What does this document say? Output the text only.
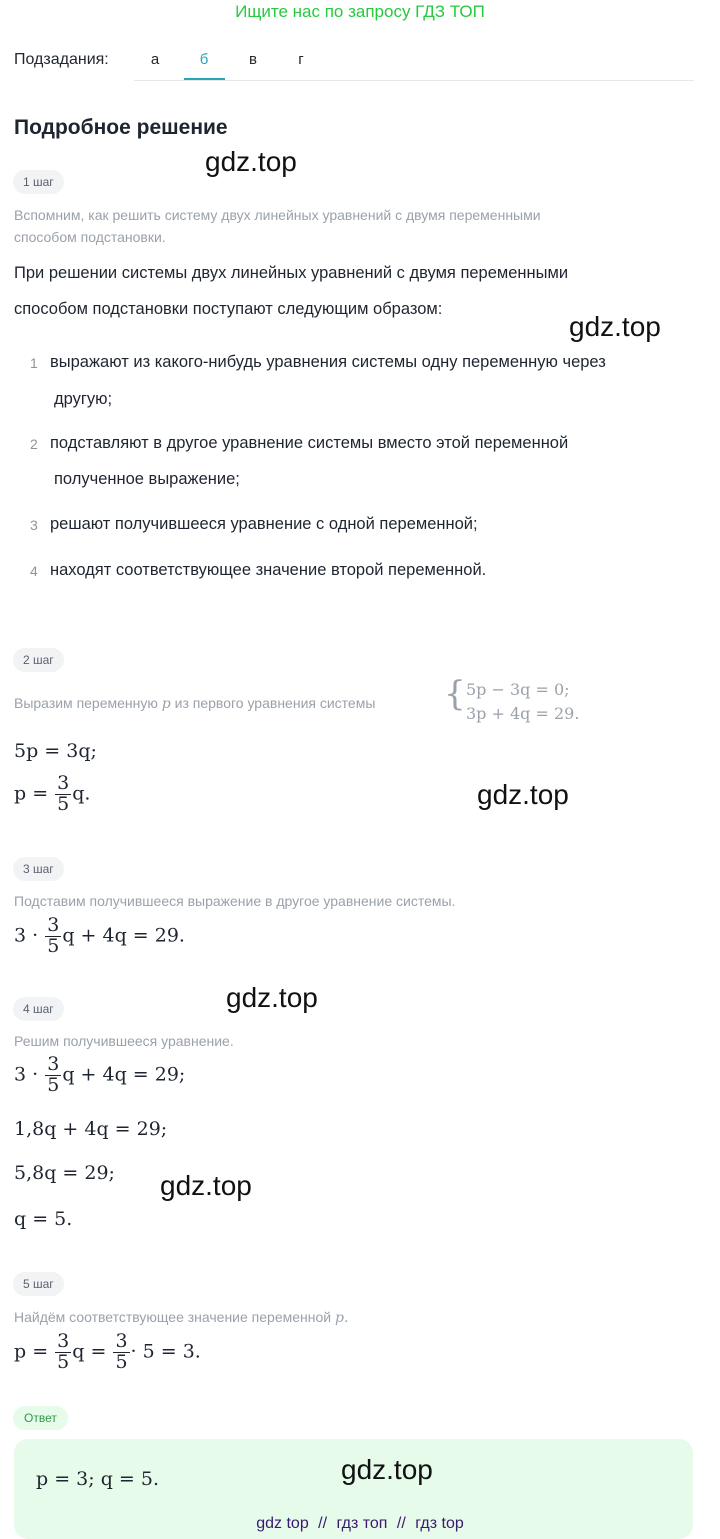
Ищите нас по запросу ГДЗ ТОП
Подзадания:	а	б	в	г
Подробное решение
gdz.top
gdz.top
gdz.top
gdz.top
gdz.top
gdz.top
1 шаг
Вспомним, как решить систему двух линейных уравнений с двумя переменными
способом подстановки.
При решении системы двух линейных уравнений с двумя переменными
способом подстановки поступают следующим образом:
1 выражают из какого-нибудь уравнения системы одну переменную через
другую;
2 подставляют в другое уравнение системы вместо этой переменной
полученное выражение;
3 решают получившееся уравнение с одной переменной;
4 находят соответствующее значение второй переменной.
2 шаг
Выразим переменную p из первого уравнения системы { 5p − 3q = 0;
3p + 4q = 29.
5p = 3q;
$p = \frac{3}{5} q$.
3 шаг
Подставим получившееся выражение в другое уравнение системы.
$3 \cdot \frac{3}{5}$ q + 4q = 29.
4 шаг
Решим получившееся уравнение.
$3 \cdot \frac{3}{5}$ q + 4q = 29;
1,8q + 4q = 29;
5,8q = 29;
q = 5.
5 шаг
Найдём соответствующее значение переменной p.
$p = \frac{3}{5}$ $q = \frac{3}{5} \cdot 5 = 3$.
Ответ
p = 3; q = 5.
gdz top // гдз топ // гдз top
